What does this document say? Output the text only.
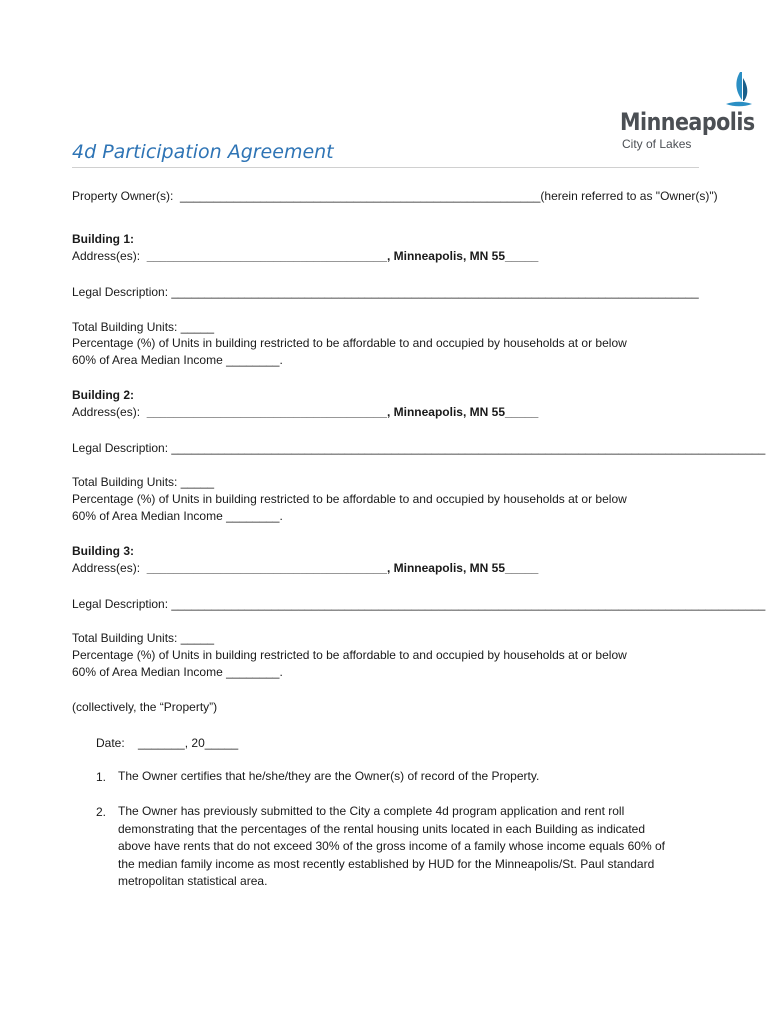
Minneapolis
City of Lakes
4d Participation Agreement
Property Owner(s):  ______________________________________________________(herein referred to as "Owner(s)")
Building 1:
Address(es):  ____________________________________, Minneapolis, MN 55_____
Legal Description: _______________________________________________________________________________
Total Building Units: _____
Percentage (%) of Units in building restricted to be affordable to and occupied by households at or below
60% of Area Median Income ________.
Building 2:
Address(es):  ____________________________________, Minneapolis, MN 55_____
Legal Description: _________________________________________________________________________________________
Total Building Units: _____
Percentage (%) of Units in building restricted to be affordable to and occupied by households at or below
60% of Area Median Income ________.
Building 3:
Address(es):  ____________________________________, Minneapolis, MN 55_____
Legal Description: _________________________________________________________________________________________
Total Building Units: _____
Percentage (%) of Units in building restricted to be affordable to and occupied by households at or below
60% of Area Median Income ________.
(collectively, the “Property”)
Date:    _______, 20_____
1. The Owner certifies that he/she/they are the Owner(s) of record of the Property.
2. The Owner has previously submitted to the City a complete 4d program application and rent roll
demonstrating that the percentages of the rental housing units located in each Building as indicated
above have rents that do not exceed 30% of the gross income of a family whose income equals 60% of
the median family income as most recently established by HUD for the Minneapolis/St. Paul standard
metropolitan statistical area.
